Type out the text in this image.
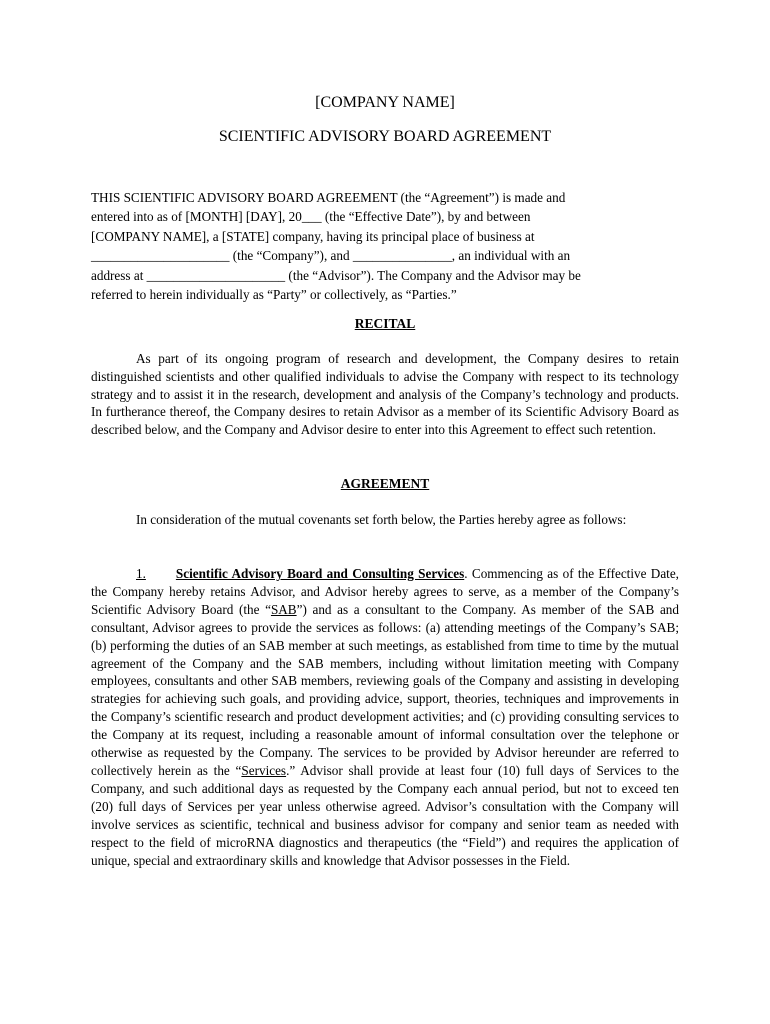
[COMPANY NAME]
SCIENTIFIC ADVISORY BOARD AGREEMENT
THIS SCIENTIFIC ADVISORY BOARD AGREEMENT (the “Agreement”) is made and
entered into as of [MONTH] [DAY], 20___ (the “Effective Date”), by and between
[COMPANY NAME], a [STATE] company, having its principal place of business at
_____________________ (the “Company”), and _______________, an individual with an
address at _____________________ (the “Advisor”). The Company and the Advisor may be
referred to herein individually as “Party” or collectively, as “Parties.”
RECITAL
As part of its ongoing program of research and development, the Company desires to retain distinguished scientists and other qualified individuals to advise the Company with respect to its technology strategy and to assist it in the research, development and analysis of the Company’s technology and products. In furtherance thereof, the Company desires to retain Advisor as a member of its Scientific Advisory Board as described below, and the Company and Advisor desire to enter into this Agreement to effect such retention.
AGREEMENT
In consideration of the mutual covenants set forth below, the Parties hereby agree as follows:
1. Scientific Advisory Board and Consulting Services. Commencing as of the Effective Date, the Company hereby retains Advisor, and Advisor hereby agrees to serve, as a member of the Company’s Scientific Advisory Board (the “SAB”) and as a consultant to the Company. As member of the SAB and consultant, Advisor agrees to provide the services as follows: (a) attending meetings of the Company’s SAB; (b) performing the duties of an SAB member at such meetings, as established from time to time by the mutual agreement of the Company and the SAB members, including without limitation meeting with Company employees, consultants and other SAB members, reviewing goals of the Company and assisting in developing strategies for achieving such goals, and providing advice, support, theories, techniques and improvements in the Company’s scientific research and product development activities; and (c) providing consulting services to the Company at its request, including a reasonable amount of informal consultation over the telephone or otherwise as requested by the Company. The services to be provided by Advisor hereunder are referred to collectively herein as the “Services.” Advisor shall provide at least four (10) full days of Services to the Company, and such additional days as requested by the Company each annual period, but not to exceed ten (20) full days of Services per year unless otherwise agreed. Advisor’s consultation with the Company will involve services as scientific, technical and business advisor for company and senior team as needed with respect to the field of microRNA diagnostics and therapeutics (the “Field”) and requires the application of unique, special and extraordinary skills and knowledge that Advisor possesses in the Field.
